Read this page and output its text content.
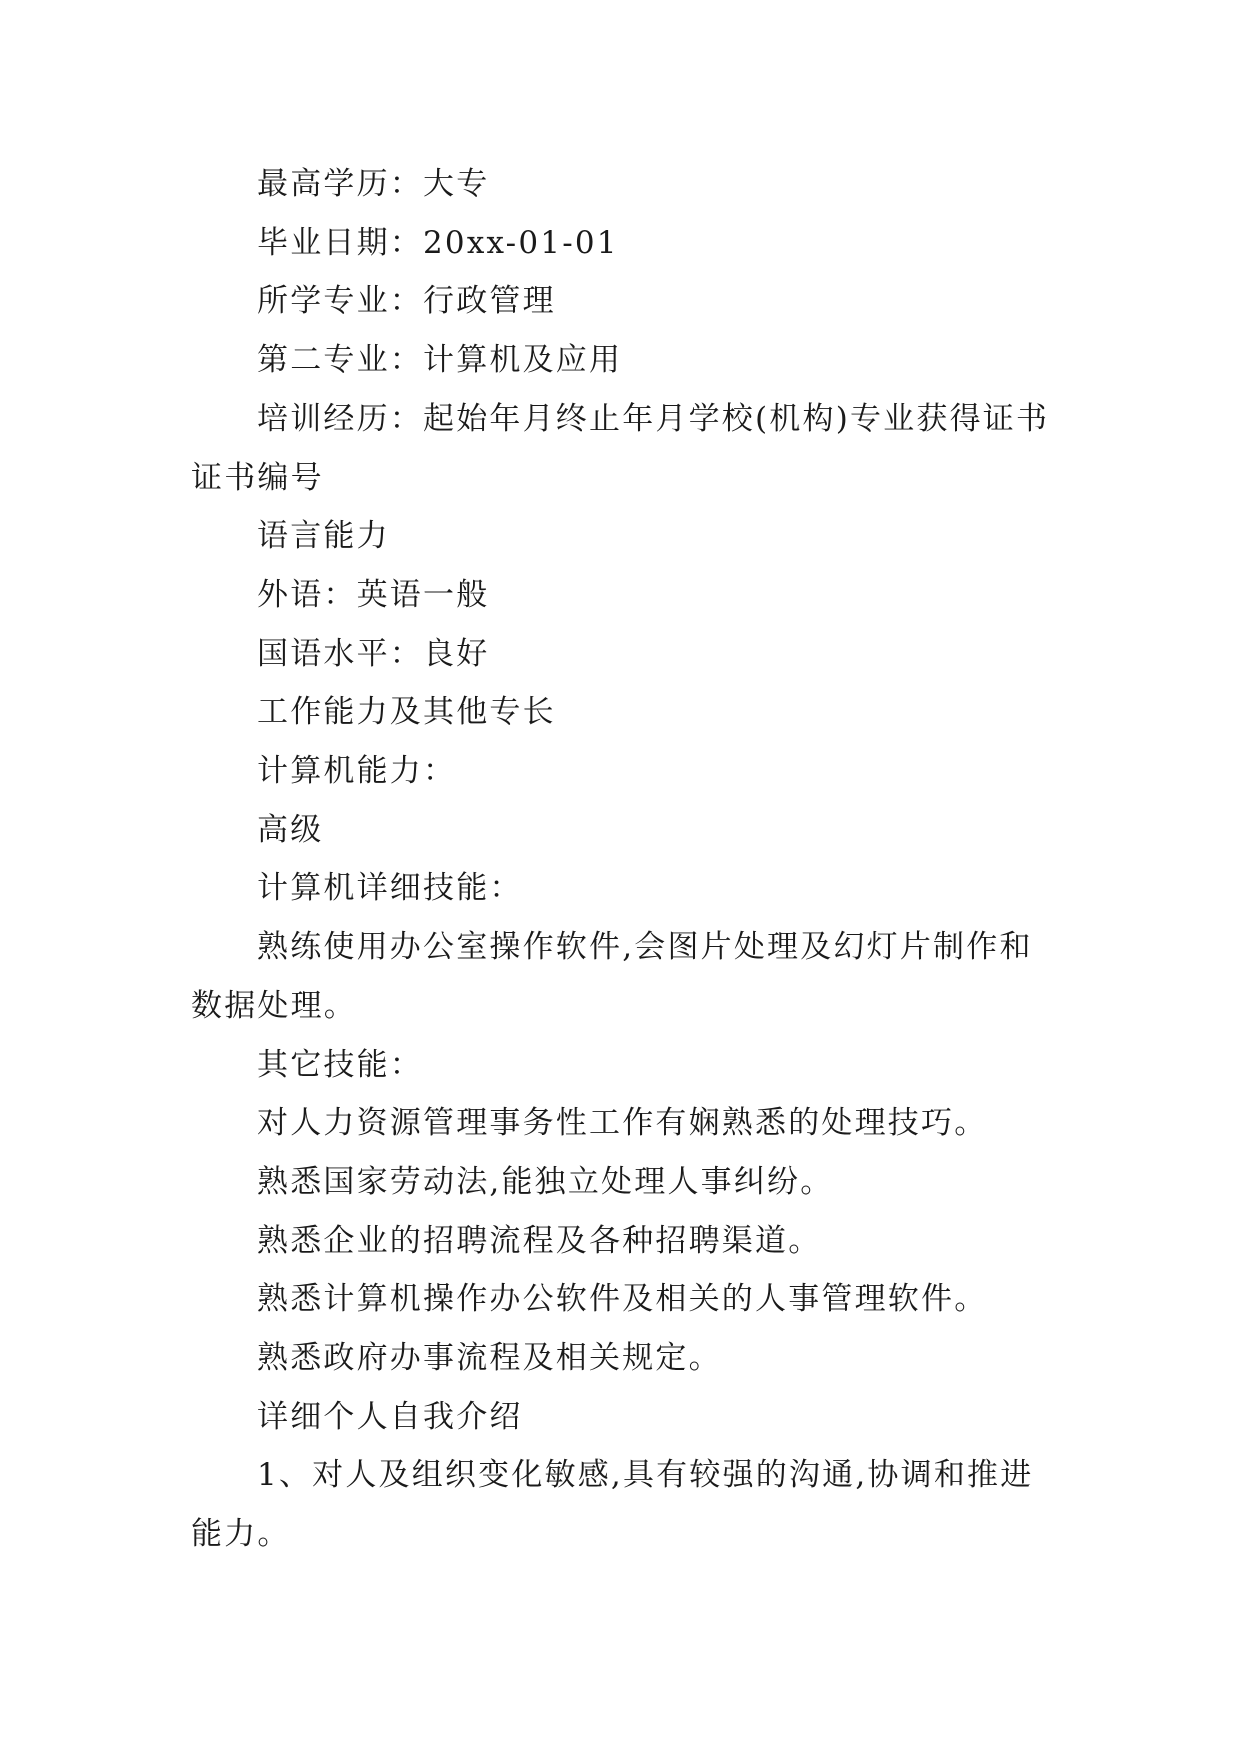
最高学历：大专

毕业日期：20xx-01-01

所学专业：行政管理

第二专业：计算机及应用

培训经历：起始年月终止年月学校(机构)专业获得证书证书编号

语言能力

外语：英语一般

国语水平：良好

工作能力及其他专长

计算机能力：

高级

计算机详细技能：

熟练使用办公室操作软件,会图片处理及幻灯片制作和数据处理。

其它技能：

对人力资源管理事务性工作有娴熟悉的处理技巧。

熟悉国家劳动法,能独立处理人事纠纷。

熟悉企业的招聘流程及各种招聘渠道。

熟悉计算机操作办公软件及相关的人事管理软件。

熟悉政府办事流程及相关规定。

详细个人自我介绍

1、对人及组织变化敏感,具有较强的沟通,协调和推进能力。
